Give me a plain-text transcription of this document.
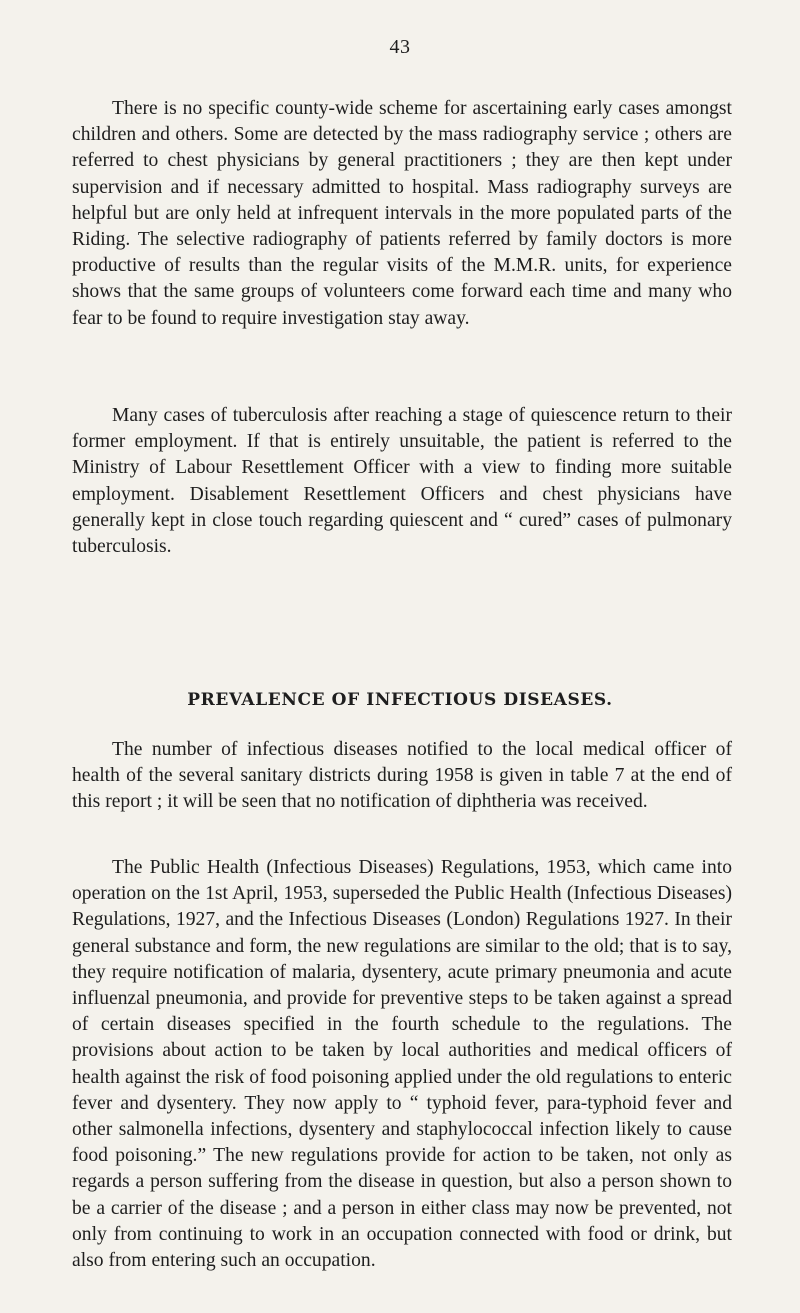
43

There is no specific county-wide scheme for ascertaining early cases amongst children and others. Some are detected by the mass radiography service ; others are referred to chest physicians by general practitioners ; they are then kept under supervision and if necessary admitted to hospital. Mass radiography surveys are helpful but are only held at infrequent intervals in the more populated parts of the Riding. The selective radiography of patients referred by family doctors is more productive of results than the regular visits of the M.M.R. units, for experience shows that the same groups of volunteers come forward each time and many who fear to be found to require investigation stay away.

Many cases of tuberculosis after reaching a stage of quiescence return to their former employment. If that is entirely unsuitable, the patient is referred to the Ministry of Labour Resettlement Officer with a view to finding more suitable employment. Disablement Resettlement Officers and chest physicians have generally kept in close touch regarding quiescent and “ cured” cases of pulmonary tuberculosis.

PREVALENCE OF INFECTIOUS DISEASES.

The number of infectious diseases notified to the local medical officer of health of the several sanitary districts during 1958 is given in table 7 at the end of this report ; it will be seen that no notification of diphtheria was received.

The Public Health (Infectious Diseases) Regulations, 1953, which came into operation on the 1st April, 1953, superseded the Public Health (Infectious Diseases) Regulations, 1927, and the Infectious Diseases (London) Regulations 1927. In their general substance and form, the new regulations are similar to the old; that is to say, they require notification of malaria, dysentery, acute primary pneumonia and acute influenzal pneumonia, and provide for preventive steps to be taken against a spread of certain diseases specified in the fourth schedule to the regulations. The provisions about action to be taken by local authorities and medical officers of health against the risk of food poisoning applied under the old regulations to enteric fever and dysentery. They now apply to “ typhoid fever, para-typhoid fever and other salmonella infections, dysentery and staphylococcal infection likely to cause food poisoning.” The new regulations provide for action to be taken, not only as regards a person suffering from the disease in question, but also a person shown to be a carrier of the disease ; and a person in either class may now be prevented, not only from continuing to work in an occupation connected with food or drink, but also from entering such an occupation.
